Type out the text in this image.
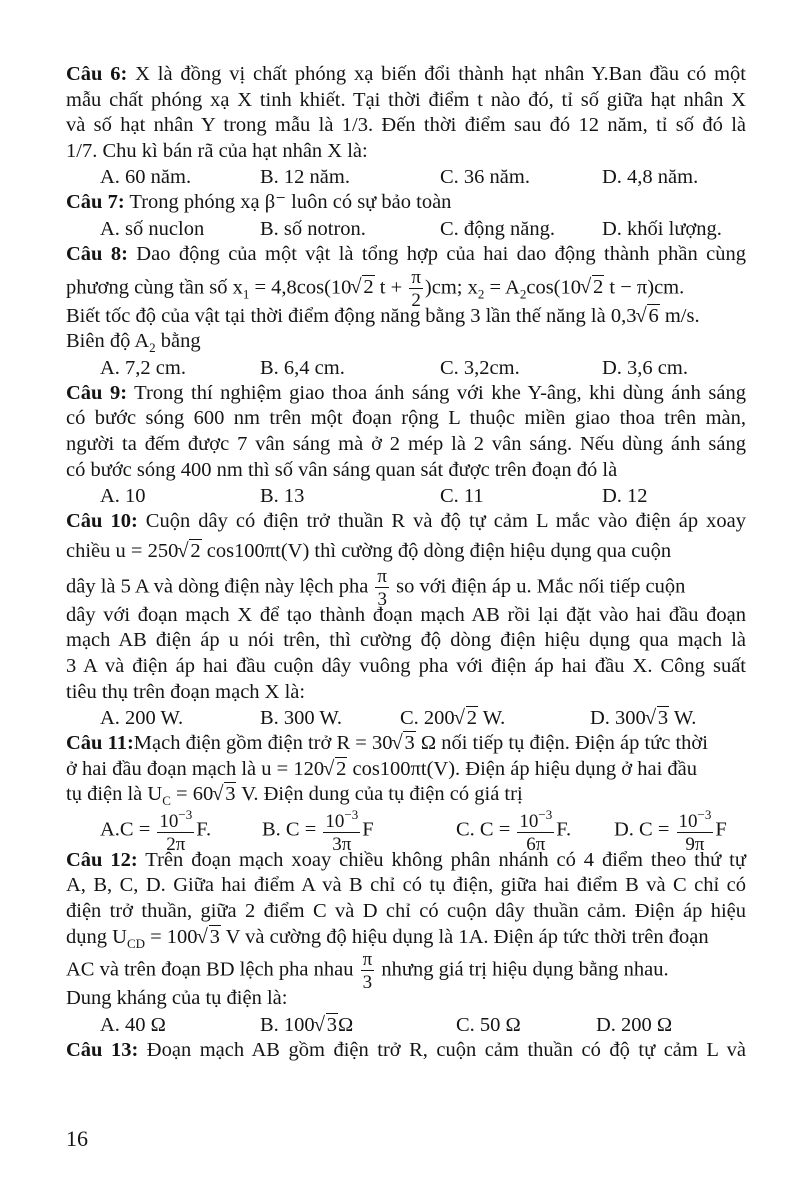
Câu 6: X là đồng vị chất phóng xạ biến đổi thành hạt nhân Y.Ban đầu có một
mẫu chất phóng xạ X tinh khiết. Tại thời điểm t nào đó, tỉ số giữa hạt nhân X
và số hạt nhân Y trong mẫu là 1/3. Đến thời điểm sau đó 12 năm, tỉ số đó là
1/7. Chu kì bán rã của hạt nhân X là:
A. 60 năm.	B. 12 năm.	C. 36 năm.	D. 4,8 năm.
Câu 7: Trong phóng xạ β⁻ luôn có sự bảo toàn
A. số nuclon	B. số notron.	C. động năng. D. khối lượng.
Câu 8: Dao động của một vật là tổng hợp của hai dao động thành phần cùng
phương cùng tần số $x_1 = 4,8\cos(10√$ 2 $t + \frac{\pi}{2} )cm$; $x_2 = A_2\cos(10√$ 2 t − π)cm.
Biết tốc độ của vật tại thời điểm động năng bằng 3 lần thế năng là 0,3√ 6 m/s.
Biên độ $A_2$ bằng
A. 7,2 cm.	B. 6,4 cm.	C. 3,2cm.	D. 3,6 cm.
Câu 9: Trong thí nghiệm giao thoa ánh sáng với khe Y-âng, khi dùng ánh sáng
có bước sóng 600 nm trên một đoạn rộng L thuộc miền giao thoa trên màn,
người ta đếm được 7 vân sáng mà ở 2 mép là 2 vân sáng. Nếu dùng ánh sáng
có bước sóng 400 nm thì số vân sáng quan sát được trên đoạn đó là
A. 10	B. 13	C. 11	D. 12
Câu 10: Cuộn dây có điện trở thuần R và độ tự cảm L mắc vào điện áp xoay
chiều u = 250√ 2 cos100πt(V) thì cường độ dòng điện hiệu dụng qua cuộn
dây là 5 A và dòng điện này lệch pha $\frac{\pi}{3}$ so với điện áp u. Mắc nối tiếp cuộn
dây với đoạn mạch X để tạo thành đoạn mạch AB rồi lại đặt vào hai đầu đoạn
mạch AB điện áp u nói trên, thì cường độ dòng điện hiệu dụng qua mạch là
3 A và điện áp hai đầu cuộn dây vuông pha với điện áp hai đầu X. Công suất
tiêu thụ trên đoạn mạch X là:
A. 200 W.	B. 300 W.	C. 200√ 2 W.	D. 300√ 3 W.
Câu 11:Mạch điện gồm điện trở R = 30√ 3 Ω nối tiếp tụ điện. Điện áp tức thời
ở hai đầu đoạn mạch là u = 120√ 2 cos100πt(V). Điện áp hiệu dụng ở hai đầu
tụ điện là $U_C = 60√$ 3 V. Điện dung của tụ điện có giá trị
$A.C = \frac{10^{-3}}{2\pi} F$. B. $C = \frac{10^{-3}}{3\pi}$ F	C. $C = \frac{10^{-3}}{6\pi} F$. D. $C = \frac{10^{-3}}{9\pi}$ F
Câu 12: Trên đoạn mạch xoay chiều không phân nhánh có 4 điểm theo thứ tự
A, B, C, D. Giữa hai điểm A và B chỉ có tụ điện, giữa hai điểm B và C chỉ có
điện trở thuần, giữa 2 điểm C và D chỉ có cuộn dây thuần cảm. Điện áp hiệu
dụng $U_{CD} = 100√$ 3 V và cường độ hiệu dụng là 1A. Điện áp tức thời trên đoạn
AC và trên đoạn BD lệch pha nhau $\frac{\pi}{3}$ nhưng giá trị hiệu dụng bằng nhau.
Dung kháng của tụ điện là:
A. 40 Ω	B. 100√ 3Ω	C. 50 Ω	D. 200 Ω
Câu 13: Đoạn mạch AB gồm điện trở R, cuộn cảm thuần có độ tự cảm L và
16
